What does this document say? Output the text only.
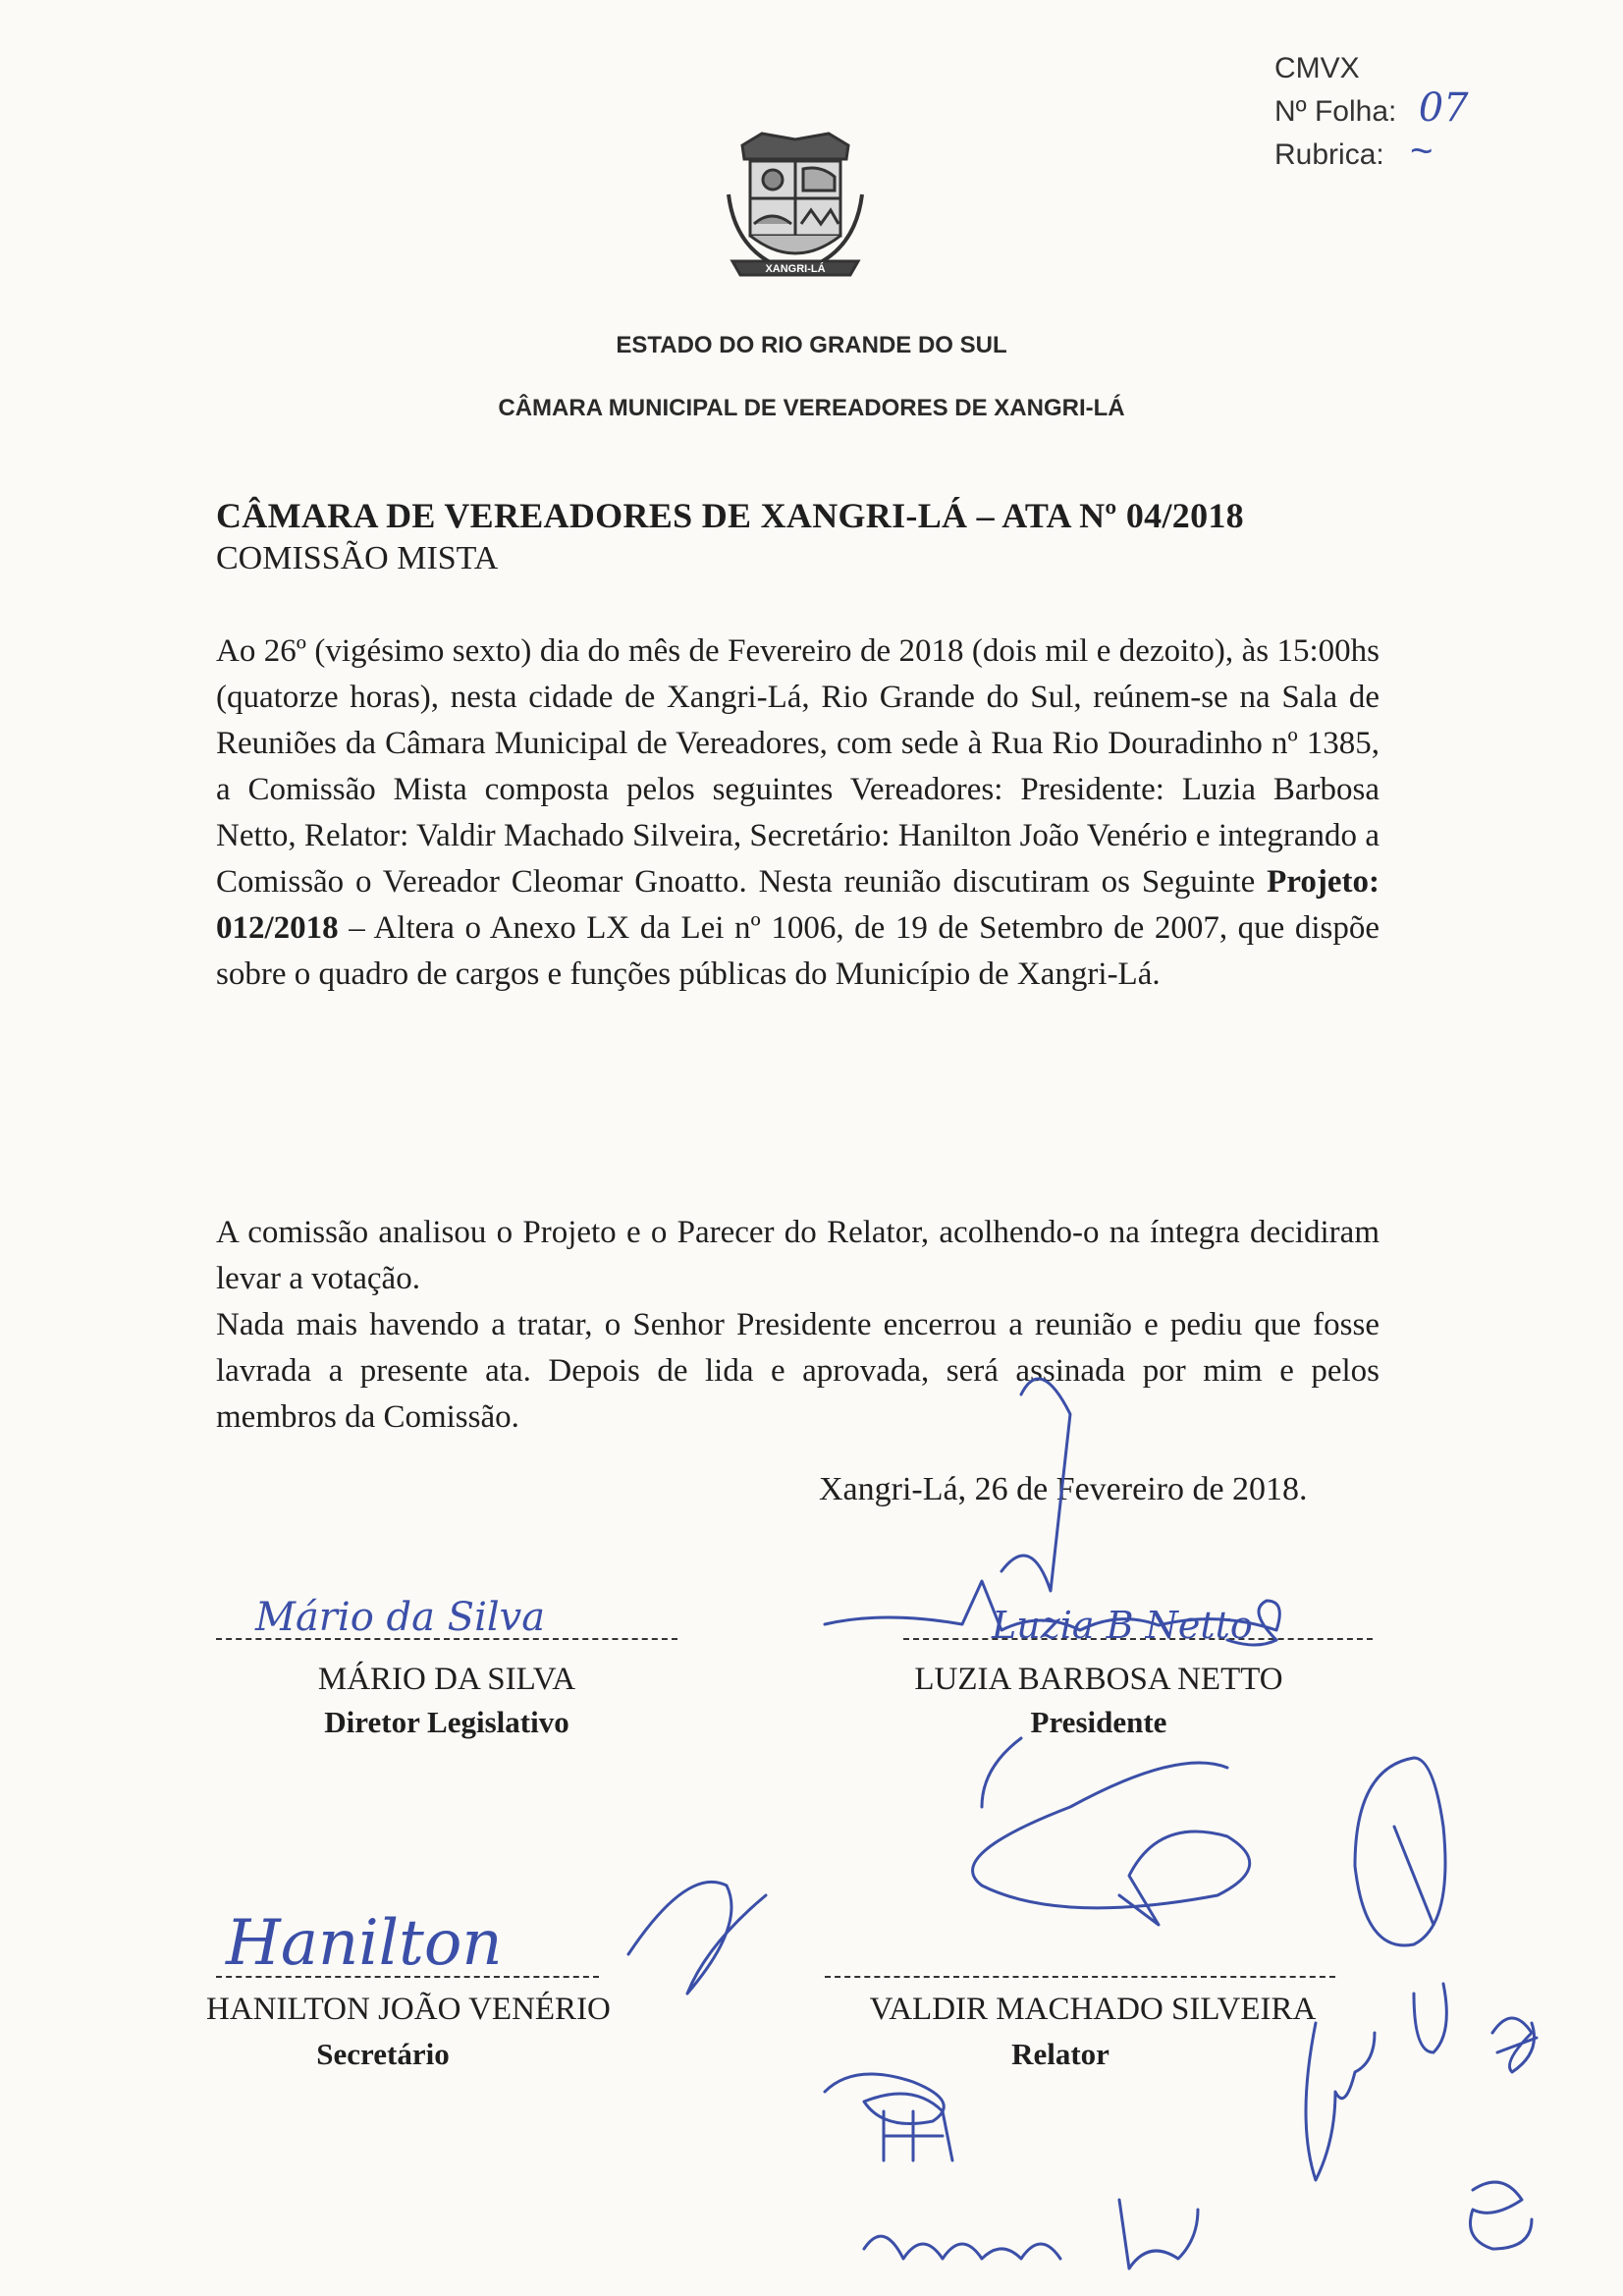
CMVX
Nº Folha: 07
Rubrica: ~
XANGRI-LÁ
ESTADO DO RIO GRANDE DO SUL
CÂMARA MUNICIPAL DE VEREADORES DE XANGRI-LÁ
CÂMARA DE VEREADORES DE XANGRI-LÁ – ATA Nº 04/2018
COMISSÃO MISTA
Ao 26º (vigésimo sexto) dia do mês de Fevereiro de 2018 (dois mil e dezoito), às 15:00hs (quatorze horas), nesta cidade de Xangri-Lá, Rio Grande do Sul, reúnem-se na Sala de Reuniões da Câmara Municipal de Vereadores, com sede à Rua Rio Douradinho nº 1385, a Comissão Mista composta pelos seguintes Vereadores: Presidente: Luzia Barbosa Netto, Relator: Valdir Machado Silveira, Secretário: Hanilton João Venério e integrando a Comissão o Vereador Cleomar Gnoatto. Nesta reunião discutiram os Seguinte Projeto: 012/2018 – Altera o Anexo LX da Lei nº 1006, de 19 de Setembro de 2007, que dispõe sobre o quadro de cargos e funções públicas do Município de Xangri-Lá.
A comissão analisou o Projeto e o Parecer do Relator, acolhendo-o na íntegra decidiram levar a votação.
Nada mais havendo a tratar, o Senhor Presidente encerrou a reunião e pediu que fosse lavrada a presente ata. Depois de lida e aprovada, será assinada por mim e pelos membros da Comissão.
Xangri-Lá, 26 de Fevereiro de 2018.
MÁRIO DA SILVA
Diretor Legislativo
LUZIA BARBOSA NETTO
Presidente
HANILTON JOÃO VENÉRIO
Secretário
VALDIR MACHADO SILVEIRA
Relator
Mário da Silva	Luzia B Netto
Hanilton
